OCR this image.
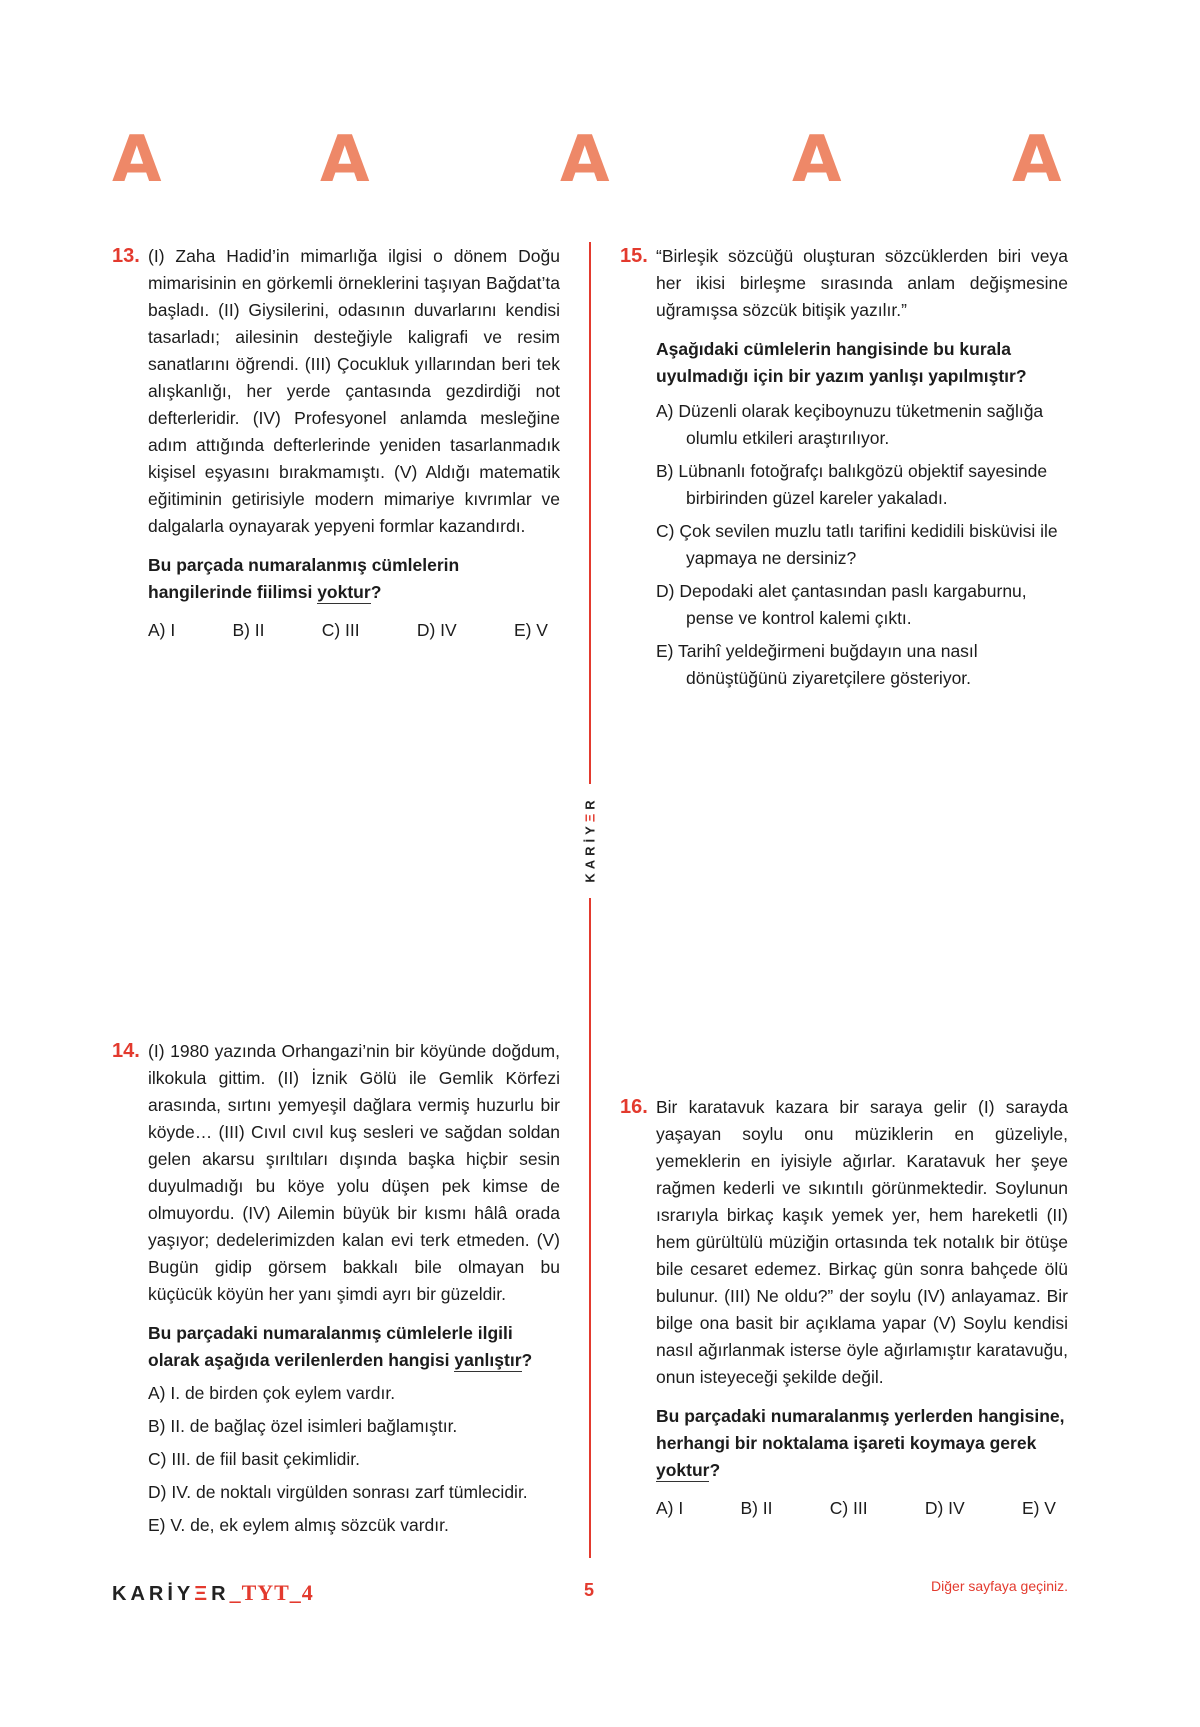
A A	A	A	A
13. (I) Zaha Hadid’in mimarlığa ilgisi o dönem Doğu mimarisinin en görkemli örneklerini taşıyan Bağdat’ta başladı. (II) Giysilerini, odasının duvarlarını kendisi tasarladı; ailesinin desteğiyle kaligrafi ve resim sanatlarını öğrendi. (III) Çocukluk yıllarından beri tek alışkanlığı, her yerde çantasında gezdirdiği not defterleridir. (IV) Profesyonel anlamda mesleğine adım attığında defterlerinde yeniden tasarlanmadık kişisel eşyasını bırakmamıştı. (V) Aldığı matematik eğitiminin getirisiyle modern mimariye kıvrımlar ve dalgalarla oynayarak yepyeni formlar kazandırdı.

Bu parçada numaralanmış cümlelerin hangilerinde fiilimsi yoktur?

A) I	B) II	C) III	D) IV	E) V
15. “Birleşik sözcüğü oluşturan sözcüklerden biri veya her ikisi birleşme sırasında anlam değişmesine uğramışsa sözcük bitişik yazılır.”

Aşağıdaki cümlelerin hangisinde bu kurala uyulmadığı için bir yazım yanlışı yapılmıştır?

A) Düzenli olarak keçiboynuzu tüketmenin sağlığa olumlu etkileri araştırılıyor.
B) Lübnanlı fotoğrafçı balıkgözü objektif sayesinde birbirinden güzel kareler yakaladı.
C) Çok sevilen muzlu tatlı tarifini kedidili bisküvisi ile yapmaya ne dersiniz?
D) Depodaki alet çantasından paslı kargaburnu, pense ve kontrol kalemi çıktı.
E) Tarihî yeldeğirmeni buğdayın una nasıl dönüştüğünü ziyaretçilere gösteriyor.
KARİYΞR
14. (I) 1980 yazında Orhangazi’nin bir köyünde doğdum, ilkokula gittim. (II) İznik Gölü ile Gemlik Körfezi arasında, sırtını yemyeşil dağlara vermiş huzurlu bir köyde… (III) Cıvıl cıvıl kuş sesleri ve sağdan soldan gelen akarsu şırıltıları dışında başka hiçbir sesin duyulmadığı bu köye yolu düşen pek kimse de olmuyordu. (IV) Ailemin büyük bir kısmı hâlâ orada yaşıyor; dedelerimizden kalan evi terk etmeden. (V) Bugün gidip görsem bakkalı bile olmayan bu küçücük köyün her yanı şimdi ayrı bir güzeldir.

Bu parçadaki numaralanmış cümlelerle ilgili olarak aşağıda verilenlerden hangisi yanlıştır?

A) I. de birden çok eylem vardır.
B) II. de bağlaç özel isimleri bağlamıştır.
C) III. de fiil basit çekimlidir.
D) IV. de noktalı virgülden sonrası zarf tümlecidir.
E) V. de, ek eylem almış sözcük vardır.
16. Bir karatavuk kazara bir saraya gelir (I) sarayda yaşayan soylu onu müziklerin en güzeliyle, yemeklerin en iyisiyle ağırlar. Karatavuk her şeye rağmen kederli ve sıkıntılı görünmektedir. Soylunun ısrarıyla birkaç kaşık yemek yer, hem hareketli (II) hem gürültülü müziğin ortasında tek notalık bir ötüşe bile cesaret edemez. Birkaç gün sonra bahçede ölü bulunur. (III) Ne oldu?” der soylu (IV) anlayamaz. Bir bilge ona basit bir açıklama yapar (V) Soylu kendisi nasıl ağırlanmak isterse öyle ağırlamıştır karatavuğu, onun isteyeceği şekilde değil.

Bu parçadaki numaralanmış yerlerden hangisine, herhangi bir noktalama işareti koymaya gerek yoktur?

A) I	B) II	C) III	D) IV	E) V
KARİYΞR_TYT_4	5	Diğer sayfaya geçiniz.
